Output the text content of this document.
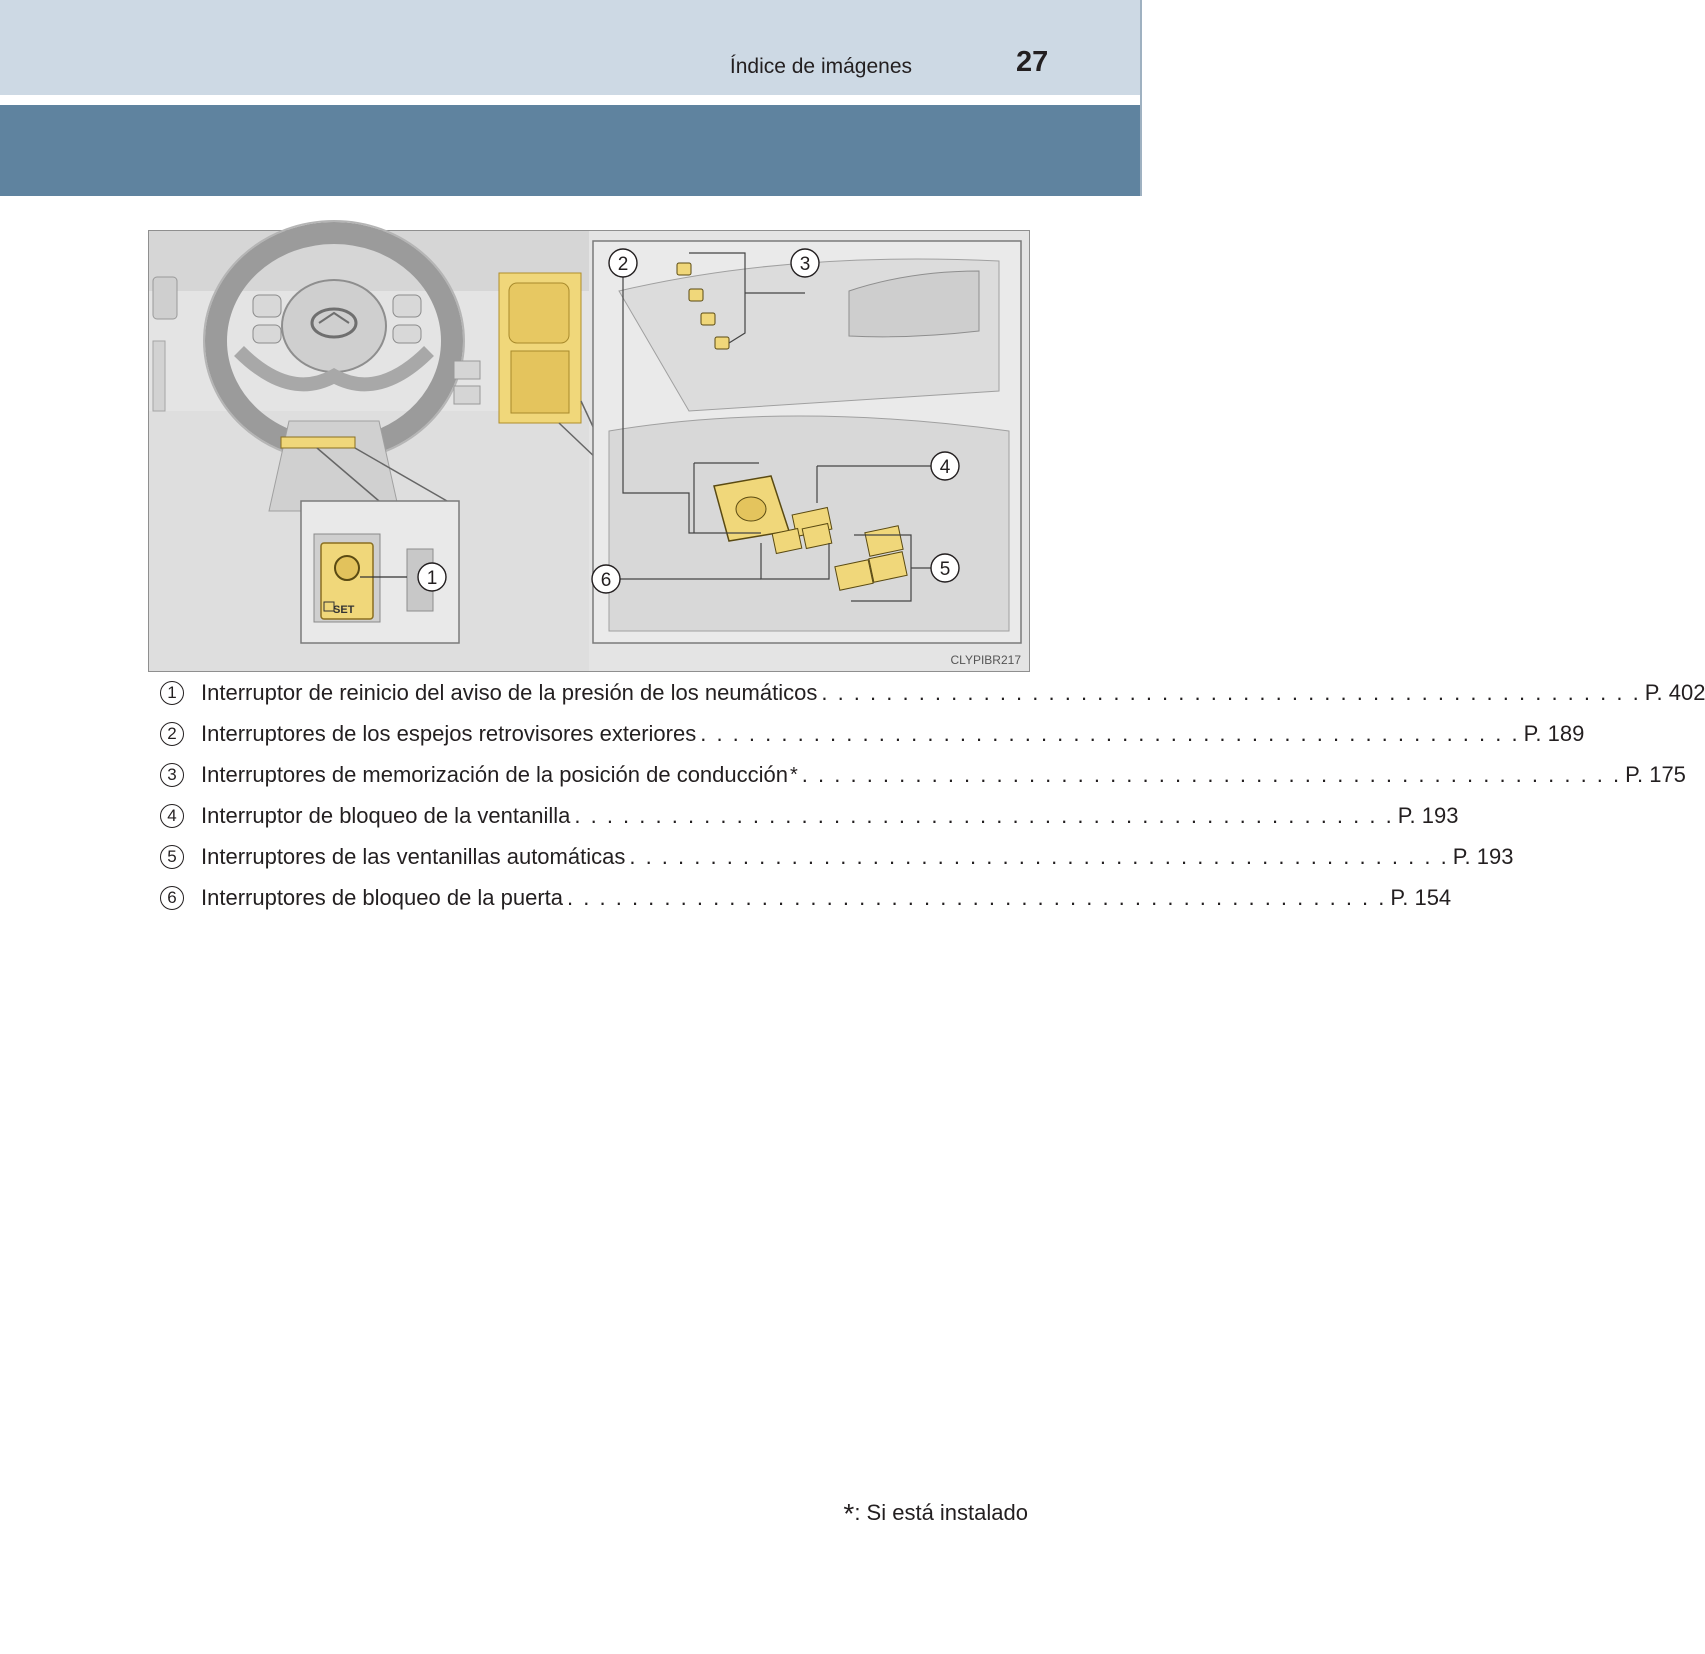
Índice de imágenes	27
SET
1
2	3
4
5
6
CLYPIBR217
1	Interruptor de reinicio del aviso de la presión de los neumáticos . . . . . . . . . . . . . . . . . . . . . . . . . . . . . . . . . . . . . . . . . . . . . . . . . . . P. 402
2	Interruptores de los espejos retrovisores exteriores . . . . . . . . . . . . . . . . . . . . . . . . . . . . . . . . . . . . . . . . . . . . . . . . . . . P. 189
3	Interruptores de memorización de la posición de conducción * . . . . . . . . . . . . . . . . . . . . . . . . . . . . . . . . . . . . . . . . . . . . . . . . . . . P. 175
4	Interruptor de bloqueo de la ventanilla . . . . . . . . . . . . . . . . . . . . . . . . . . . . . . . . . . . . . . . . . . . . . . . . . . . P. 193
5	Interruptores de las ventanillas automáticas . . . . . . . . . . . . . . . . . . . . . . . . . . . . . . . . . . . . . . . . . . . . . . . . . . . P. 193
6	Interruptores de bloqueo de la puerta . . . . . . . . . . . . . . . . . . . . . . . . . . . . . . . . . . . . . . . . . . . . . . . . . . . P. 154
*: Si está instalado
